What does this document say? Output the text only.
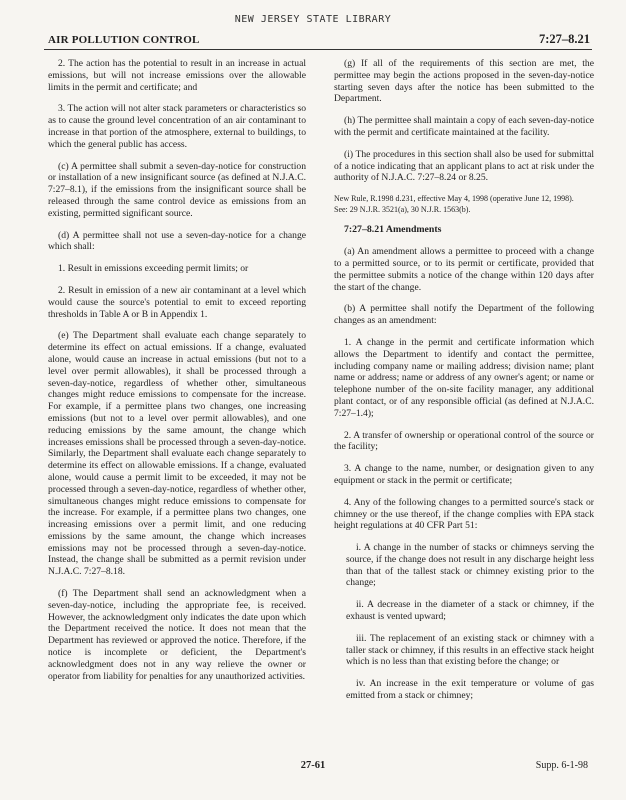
NEW JERSEY STATE LIBRARY
AIR POLLUTION CONTROL	7:27–8.21

2. The action has the potential to result in an increase in actual emissions, but will not increase emissions over the allowable limits in the permit and certificate; and

3. The action will not alter stack parameters or characteristics so as to cause the ground level concentration of an air contaminant to increase in that portion of the atmosphere, external to buildings, to which the general public has access.

(c) A permittee shall submit a seven-day-notice for construction or installation of a new insignificant source (as defined at N.J.A.C. 7:27–8.1), if the emissions from the insignificant source shall be released through the same control device as emissions from an existing, permitted significant source.

(d) A permittee shall not use a seven-day-notice for a change which shall:

1. Result in emissions exceeding permit limits; or

2. Result in emission of a new air contaminant at a level which would cause the source's potential to emit to exceed reporting thresholds in Table A or B in Appendix 1.

(e) The Department shall evaluate each change separately to determine its effect on actual emissions. If a change, evaluated alone, would cause an increase in actual emissions (but not to a level over permit allowables), it shall be processed through a seven-day-notice, regardless of whether other, simultaneous changes might reduce emissions to compensate for the increase. For example, if a permittee plans two changes, one increasing emissions (but not to a level over permit allowables), and one reducing emissions by the same amount, the change which increases emissions shall be processed through a seven-day-notice. Similarly, the Department shall evaluate each change separately to determine its effect on allowable emissions. If a change, evaluated alone, would cause a permit limit to be exceeded, it may not be processed through a seven-day-notice, regardless of whether other, simultaneous changes might reduce emissions to compensate for the increase. For example, if a permittee plans two changes, one increasing emissions over a permit limit, and one reducing emissions by the same amount, the change which increases emissions may not be processed through a seven-day-notice. Instead, the change shall be submitted as a permit revision under N.J.A.C. 7:27–8.18.

(f) The Department shall send an acknowledgment when a seven-day-notice, including the appropriate fee, is received. However, the acknowledgment only indicates the date upon which the Department received the notice. It does not mean that the Department has reviewed or approved the notice. Therefore, if the notice is incomplete or deficient, the Department's acknowledgment does not in any way relieve the owner or operator from liability for penalties for any unauthorized activities.

(g) If all of the requirements of this section are met, the permittee may begin the actions proposed in the seven-day-notice starting seven days after the notice has been submitted to the Department.

(h) The permittee shall maintain a copy of each seven-day-notice with the permit and certificate maintained at the facility.

(i) The procedures in this section shall also be used for submittal of a notice indicating that an applicant plans to act at risk under the authority of N.J.A.C. 7:27–8.24 or 8.25.

New Rule, R.1998 d.231, effective May 4, 1998 (operative June 12, 1998).

See: 29 N.J.R. 3521(a), 30 N.J.R. 1563(b).

7:27–8.21 Amendments

(a) An amendment allows a permittee to proceed with a change to a permitted source, or to its permit or certificate, provided that the permittee submits a notice of the change within 120 days after the start of the change.

(b) A permittee shall notify the Department of the following changes as an amendment:

1. A change in the permit and certificate information which allows the Department to identify and contact the permittee, including company name or mailing address; division name; plant name or address; name or address of any owner's agent; or name or telephone number of the on-site facility manager, any additional plant contact, or of any responsible official (as defined at N.J.A.C. 7:27–1.4);

2. A transfer of ownership or operational control of the source or the facility;

3. A change to the name, number, or designation given to any equipment or stack in the permit or certificate;

4. Any of the following changes to a permitted source's stack or chimney or the use thereof, if the change complies with EPA stack height regulations at 40 CFR Part 51:

i. A change in the number of stacks or chimneys serving the source, if the change does not result in any discharge height less than that of the tallest stack or chimney existing prior to the change;

ii. A decrease in the diameter of a stack or chimney, if the exhaust is vented upward;

iii. The replacement of an existing stack or chimney with a taller stack or chimney, if this results in an effective stack height which is no less than that existing before the change; or

iv. An increase in the exit temperature or volume of gas emitted from a stack or chimney;

27-61	Supp. 6-1-98
